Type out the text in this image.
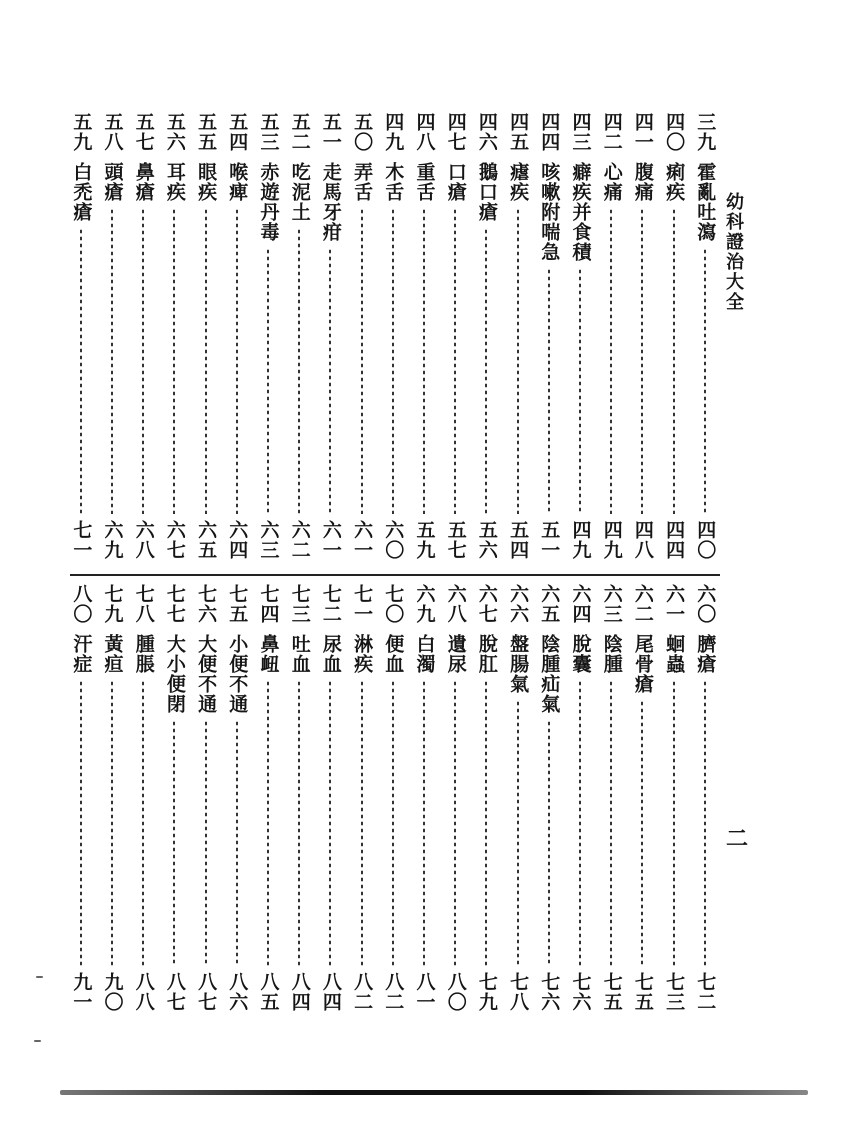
幼科證治大全
二
三九
霍亂吐瀉
四〇
四〇
痢疾
四四
四一
腹痛
四八
四二
心痛
四九
四三
癖疾并食積
四九
四四
咳嗽附喘急
五一
四五
瘧疾
五四
四六
鵝口瘡
五六
四七
口瘡
五七
四八
重舌
五九
四九
木舌
六〇
五〇
弄舌
六一
五一
走馬牙疳
六一
五二
吃泥土
六二
五三
赤遊丹毒
六三
五四
喉痺
六四
五五
眼疾
六五
五六
耳疾
六七
五七
鼻瘡
六八
五八
頭瘡
六九
五九
白禿瘡
七一
六〇
臍瘡
七二
六一
蛔蟲
七三
六二
尾骨瘡
七五
六三
陰腫
七五
六四
脫囊
七六
六五
陰腫疝氣
七六
六六
盤腸氣
七八
六七
脫肛
七九
六八
遺尿
八〇
六九
白濁
八一
七〇
便血
八二
七一
淋疾
八二
七二
尿血
八四
七三
吐血
八四
七四
鼻衄
八五
七五
小便不通
八六
七六
大便不通
八七
七七
大小便閉
八七
七八
腫脹
八八
七九
黃疸
九〇
八〇
汗症
九一
